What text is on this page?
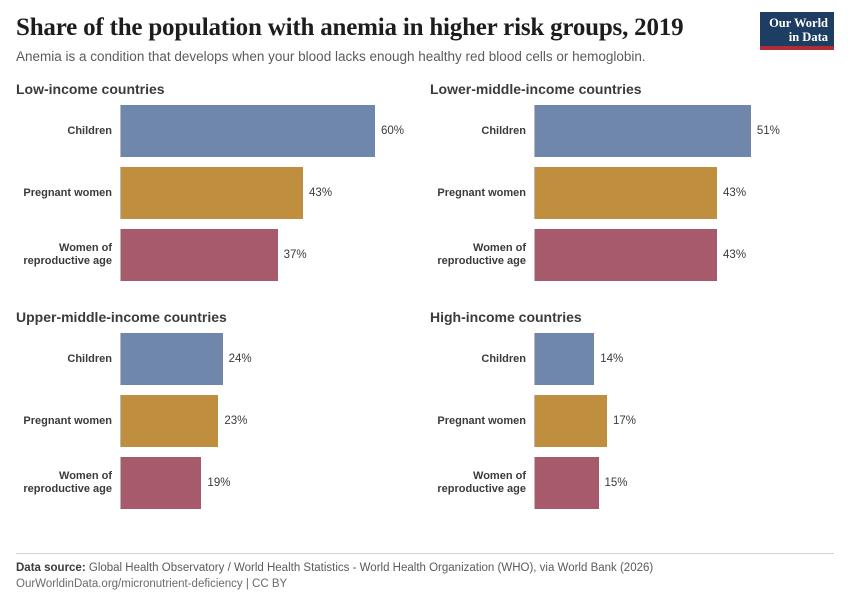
Share of the population with anemia in higher risk groups, 2019

Anemia is a condition that develops when your blood lacks enough healthy red blood cells or hemoglobin.

Our World
in Data
Low-income countries
Children	60%
Pregnant women	43%
Women of reproductive age	37%
Lower-middle-income countries
Children	51%
Pregnant women	43%
Women of reproductive age	43%
Upper-middle-income countries
Children	24%
Pregnant women	23%
Women of reproductive age	19%
High-income countries
Children	14%
Pregnant women	17%
Women of reproductive age	15%
Data source: Global Health Observatory / World Health Statistics - World Health Organization (WHO), via World Bank (2026)
OurWorldinData.org/micronutrient-deficiency | CC BY
